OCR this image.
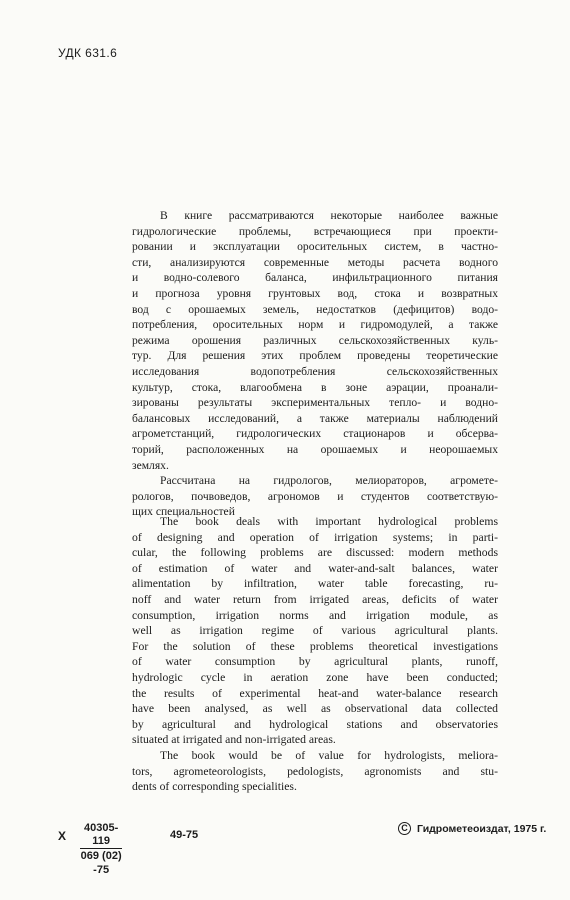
УДК 631.6

В книге рассматриваются некоторые наиболее важные
гидрологические проблемы, встречающиеся при проекти-
ровании и эксплуатации оросительных систем, в частно-
сти, анализируются современные методы расчета водного
и водно-солевого баланса, инфильтрационного питания
и прогноза уровня грунтовых вод, стока и возвратных
вод с орошаемых земель, недостатков (дефицитов) водо-
потребления, оросительных норм и гидромодулей, а также
режима орошения различных сельскохозяйственных куль-
тур. Для решения этих проблем проведены теоретические
исследования водопотребления сельскохозяйственных
культур, стока, влагообмена в зоне аэрации, проанали-
зированы результаты экспериментальных тепло- и водно-
балансовых исследований, а также материалы наблюдений
агрометстанций, гидрологических стационаров и обсерва-
торий, расположенных на орошаемых и неорошаемых
землях.

Рассчитана на гидрологов, мелиораторов, агромете-
рологов, почвоведов, агрономов и студентов соответствую-
щих специальностей

The book deals with important hydrological problems
of designing and operation of irrigation systems; in parti-
cular, the following problems are discussed: modern methods
of estimation of water and water-and-salt balances, water
alimentation by infiltration, water table forecasting, ru-
noff and water return from irrigated areas, deficits of water
consumption, irrigation norms and irrigation module, as
well as irrigation regime of various agricultural plants.
For the solution of these problems theoretical investigations
of water consumption by agricultural plants, runoff,
hydrologic cycle in aeration zone have been conducted;
the results of experimental heat-and water-balance research
have been analysed, as well as observational data collected
by agricultural and hydrological stations and observatories
situated at irrigated and non-irrigated areas.

The book would be of value for hydrologists, meliora-
tors, agrometeorologists, pedologists, agronomists and stu-
dents of corresponding specialities.

X $\frac{40305-119}{069 (02) -75}$	49-75
C Гидрометеоиздат, 1975 г.
